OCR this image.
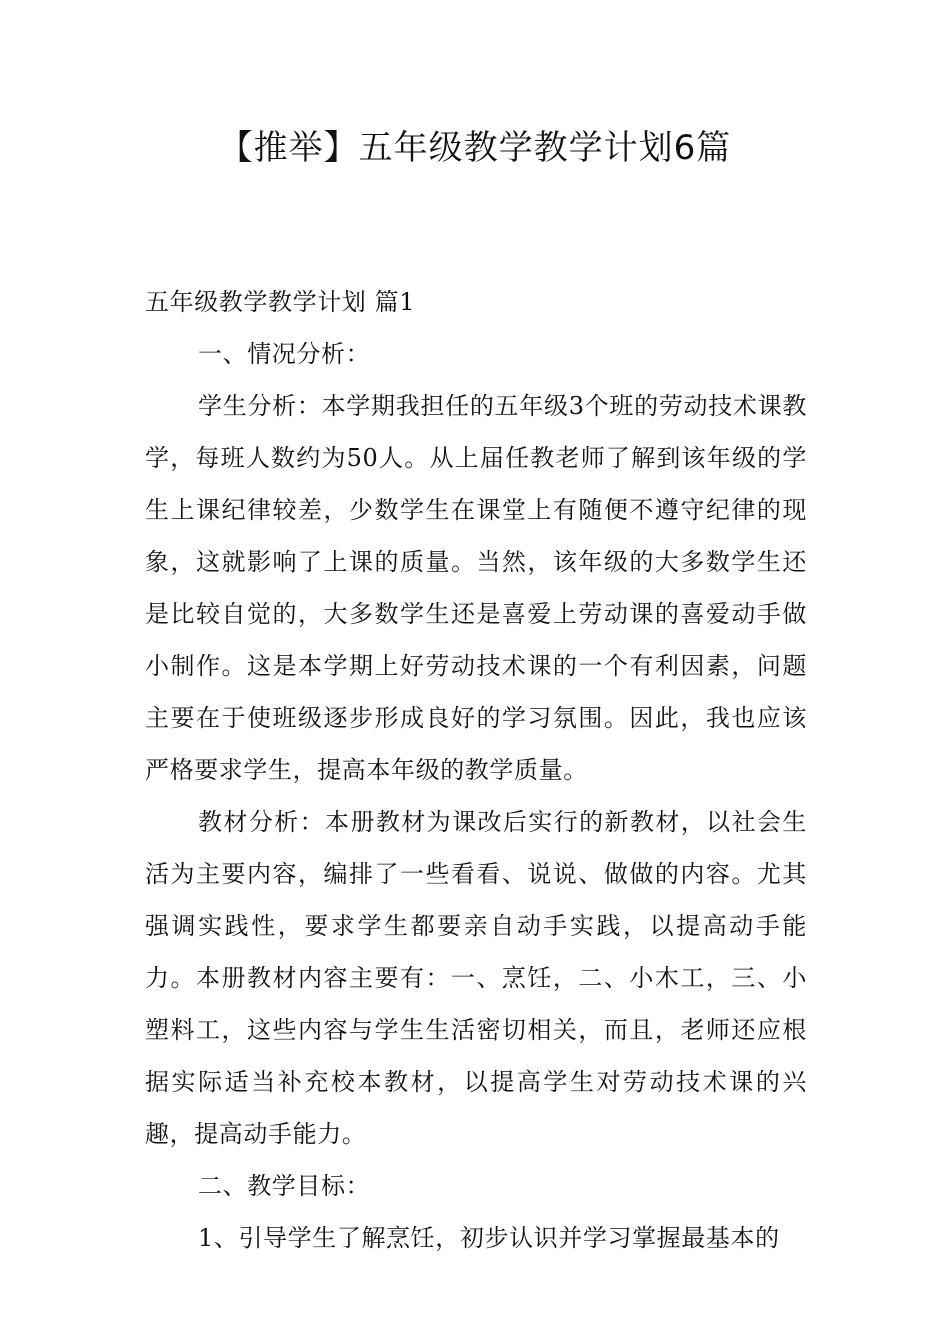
【推举】五年级教学教学计划6篇

五年级教学教学计划 篇1

一、情况分析：

学生分析：本学期我担任的五年级3个班的劳动技术课教学，每班人数约为50人。从上届任教老师了解到该年级的学生上课纪律较差，少数学生在课堂上有随便不遵守纪律的现象，这就影响了上课的质量。当然，该年级的大多数学生还是比较自觉的，大多数学生还是喜爱上劳动课的喜爱动手做小制作。这是本学期上好劳动技术课的一个有利因素，问题主要在于使班级逐步形成良好的学习氛围。因此，我也应该严格要求学生，提高本年级的教学质量。

教材分析：本册教材为课改后实行的新教材，以社会生活为主要内容，编排了一些看看、说说、做做的内容。尤其强调实践性，要求学生都要亲自动手实践，以提高动手能力。本册教材内容主要有：一、烹饪，二、小木工，三、小塑料工，这些内容与学生生活密切相关，而且，老师还应根据实际适当补充校本教材，以提高学生对劳动技术课的兴趣，提高动手能力。

二、教学目标：

1、引导学生了解烹饪，初步认识并学习掌握最基本的
